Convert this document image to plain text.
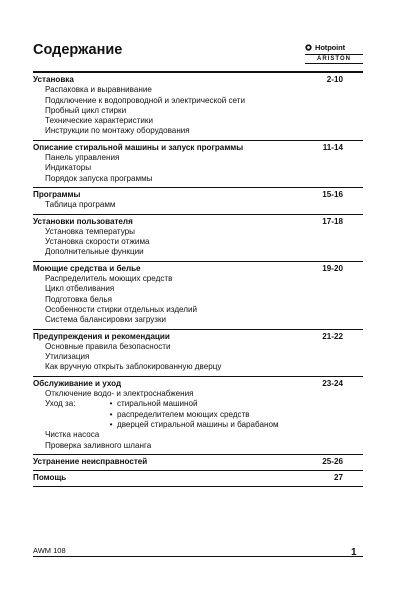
Содержание	Hotpoint
ARISTON
Установка	2-10
Распаковка и выравнивание
Подключение к водопроводной и электрической сети
Пробный цикл стирки
Технические характеристики
Инструкции по монтажу оборудования
Описание стиральной машины и запуск программы	11-14
Панель управления
Индикаторы
Порядок запуска программы
Программы	15-16
Таблица программ
Установки пользователя	17-18
Установка температуры
Установка скорости отжима
Дополнительные функции
Моющие средства и белье	19-20
Распределитель моющих средств
Цикл отбеливания
Подготовка белья
Особенности стирки отдельных изделий
Система балансировки загрузки
Предупреждения и рекомендации	21-22
Основные правила безопасности
Утилизация
Как вручную открыть заблокированную дверцу
Обслуживание и уход	23-24
Отключение водо- и электроснабжения
Уход за:	• стиральной машиной
• распределителем моющих средств
• дверцей стиральной машины и барабаном
Чистка насоса
Проверка заливного шланга
Устранение неисправностей	25-26
Помощь	27
AWM 108	1
